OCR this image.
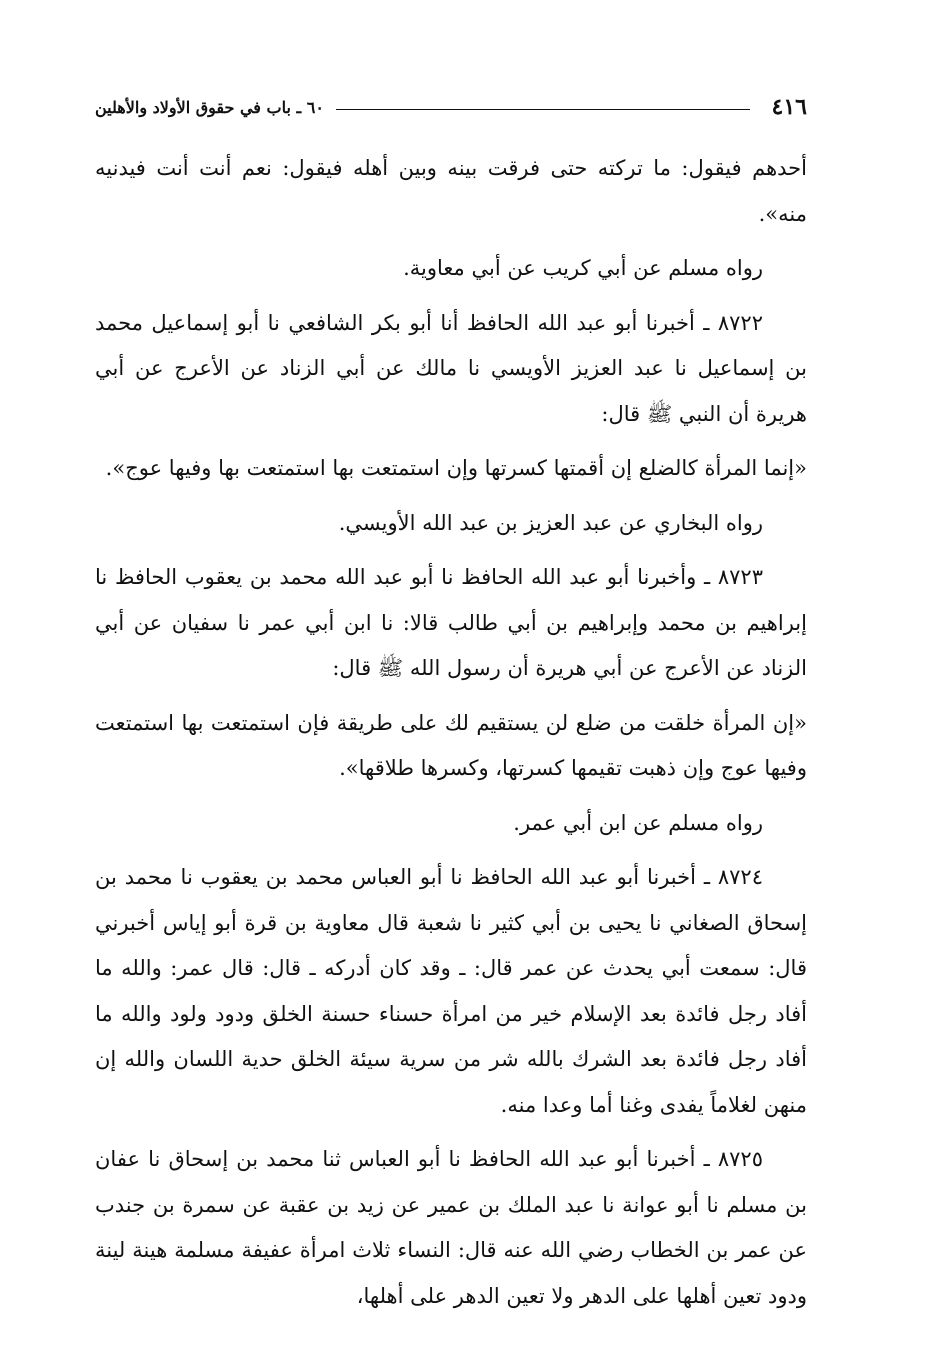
٤١٦
٦٠ ـ باب في حقوق الأولاد والأهلين

أحدهم فيقول: ما تركته حتى فرقت بينه وبين أهله فيقول: نعم أنت أنت فيدنيه منه».

رواه مسلم عن أبي كريب عن أبي معاوية.

٨٧٢٢ ـ أخبرنا أبو عبد الله الحافظ أنا أبو بكر الشافعي نا أبو إسماعيل محمد بن إسماعيل نا عبد العزيز الأويسي نا مالك عن أبي الزناد عن الأعرج عن أبي هريرة أن النبي ﷺ قال:

«إنما المرأة كالضلع إن أقمتها كسرتها وإن استمتعت بها استمتعت بها وفيها عوج».

رواه البخاري عن عبد العزيز بن عبد الله الأويسي.

٨٧٢٣ ـ وأخبرنا أبو عبد الله الحافظ نا أبو عبد الله محمد بن يعقوب الحافظ نا إبراهيم بن محمد وإبراهيم بن أبي طالب قالا: نا ابن أبي عمر نا سفيان عن أبي الزناد عن الأعرج عن أبي هريرة أن رسول الله ﷺ قال:

«إن المرأة خلقت من ضلع لن يستقيم لك على طريقة فإن استمتعت بها استمتعت وفيها عوج وإن ذهبت تقيمها كسرتها، وكسرها طلاقها».

رواه مسلم عن ابن أبي عمر.

٨٧٢٤ ـ أخبرنا أبو عبد الله الحافظ نا أبو العباس محمد بن يعقوب نا محمد بن إسحاق الصغاني نا يحيى بن أبي كثير نا شعبة قال معاوية بن قرة أبو إياس أخبرني قال: سمعت أبي يحدث عن عمر قال: ـ وقد كان أدركه ـ قال: قال عمر: والله ما أفاد رجل فائدة بعد الإسلام خير من امرأة حسناء حسنة الخلق ودود ولود والله ما أفاد رجل فائدة بعد الشرك بالله شر من سرية سيئة الخلق حدية اللسان والله إن منهن لغلاماً يفدى وغنا أما وعدا منه.

٨٧٢٥ ـ أخبرنا أبو عبد الله الحافظ نا أبو العباس ثنا محمد بن إسحاق نا عفان بن مسلم نا أبو عوانة نا عبد الملك بن عمير عن زيد بن عقبة عن سمرة بن جندب عن عمر بن الخطاب رضي الله عنه قال: النساء ثلاث امرأة عفيفة مسلمة هينة لينة ودود تعين أهلها على الدهر ولا تعين الدهر على أهلها،
